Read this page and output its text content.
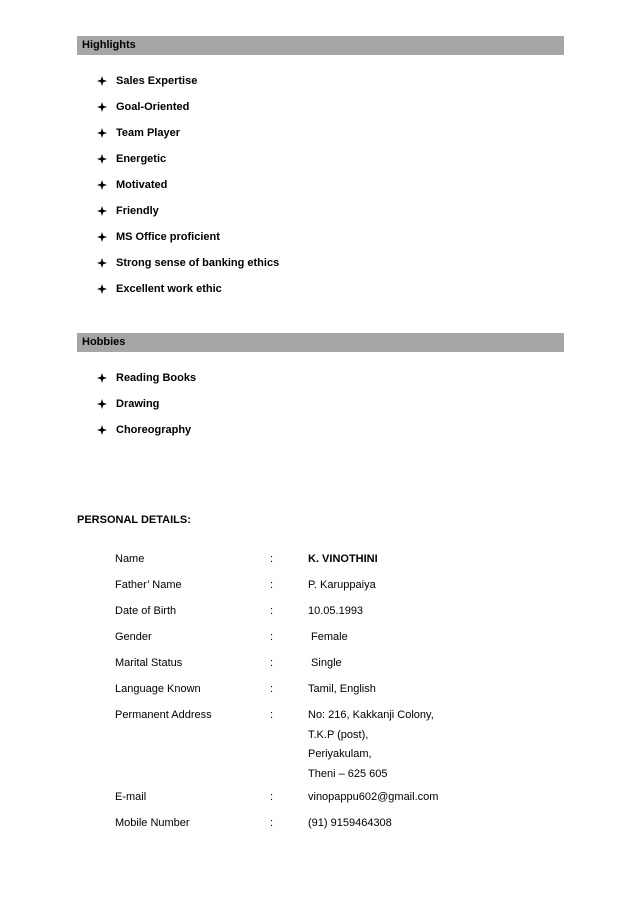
Highlights
Sales Expertise
Goal-Oriented
Team Player
Energetic
Motivated
Friendly
MS Office proficient
Strong sense of banking ethics
Excellent work ethic
Hobbies
Reading Books
Drawing
Choreography
PERSONAL DETAILS:
Name	:	K. VINOTHINI
Father’ Name	:	P. Karuppaiya
Date of Birth	:	10.05.1993
Gender	:	Female
Marital Status	:	Single
Language Known	:	Tamil, English
Permanent Address	:	No: 216, Kakkanji Colony,
T.K.P (post),
Periyakulam,
Theni – 625 605
E-mail	:	vinopappu602@gmail.com
Mobile Number	:	(91) 9159464308
